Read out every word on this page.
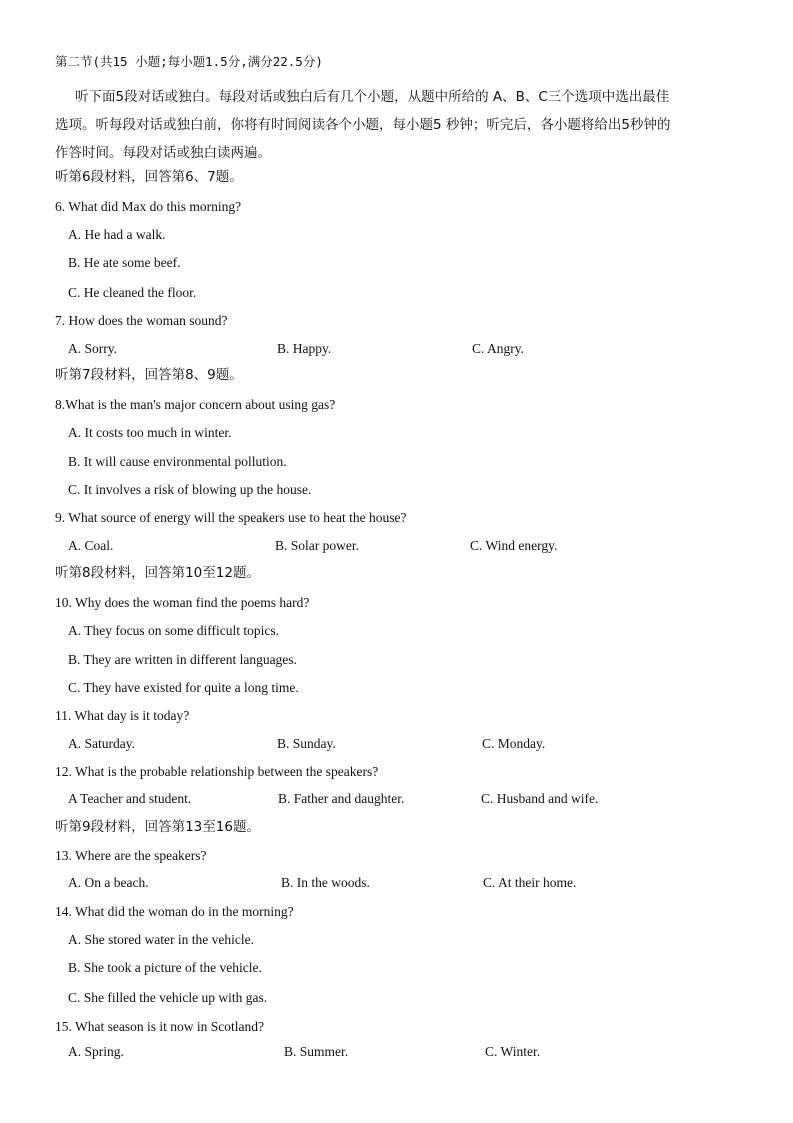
第二节(共15 小题;每小题1.5分,满分22.5分)
听下面5段对话或独白。每段对话或独白后有几个小题，从题中所给的 A、B、C三个选项中选出最佳
选项。听每段对话或独白前，你将有时间阅读各个小题，每小题5 秒钟；听完后，各小题将给出5秒钟的
作答时间。每段对话或独白读两遍。
听第6段材料，回答第6、7题。
6. What did Max do this morning?
A. He had a walk.
B. He ate some beef.
C. He cleaned the floor.
7. How does the woman sound?
A. Sorry.	B. Happy.	C. Angry.
听第7段材料，回答第8、9题。
8.What is the man's major concern about using gas?
A. It costs too much in winter.
B. It will cause environmental pollution.
C. It involves a risk of blowing up the house.
9. What source of energy will the speakers use to heat the house?
A. Coal.	B. Solar power.	C. Wind energy.
听第8段材料，回答第10至12题。
10. Why does the woman find the poems hard?
A. They focus on some difficult topics.
B. They are written in different languages.
C. They have existed for quite a long time.
11. What day is it today?
A. Saturday.	B. Sunday.	C. Monday.
12. What is the probable relationship between the speakers?
A Teacher and student.	B. Father and daughter.	C. Husband and wife.
听第9段材料，回答第13至16题。
13. Where are the speakers?
A. On a beach.	B. In the woods.	C. At their home.
14. What did the woman do in the morning?
A. She stored water in the vehicle.
B. She took a picture of the vehicle.
C. She filled the vehicle up with gas.
15. What season is it now in Scotland?
A. Spring.	B. Summer.	C. Winter.
